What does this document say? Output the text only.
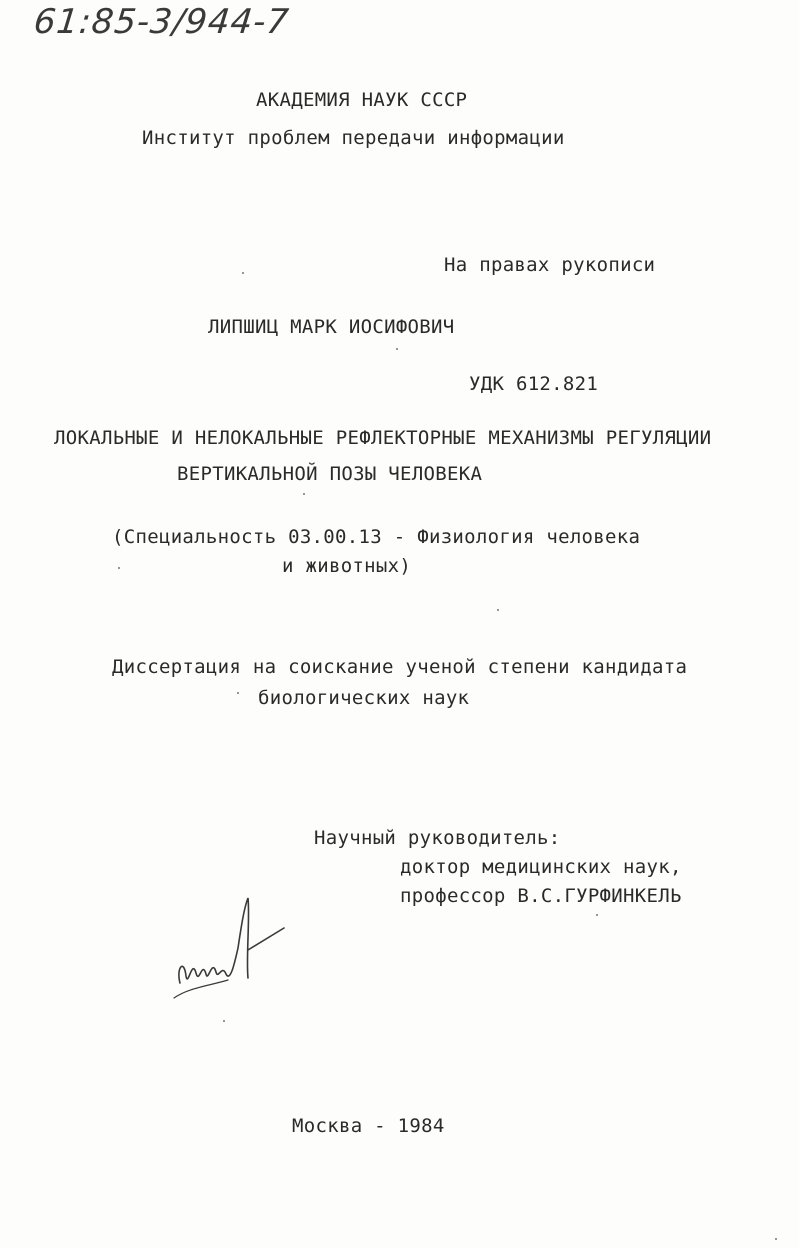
61:85-3/944-7
АКАДЕМИЯ НАУК СССР
Институт проблем передачи информации
На правах рукописи
ЛИПШИЦ МАРК ИОСИФОВИЧ
УДК 612.821
ЛОКАЛЬНЫЕ И НЕЛОКАЛЬНЫЕ РЕФЛЕКТОРНЫЕ МЕХАНИЗМЫ РЕГУЛЯЦИИ
ВЕРТИКАЛЬНОЙ ПОЗЫ ЧЕЛОВЕКА
(Специальность 03.00.13 - Физиология человека
и животных)
Диссертация на соискание ученой степени кандидата
биологических наук
Научный руководитель:
доктор медицинских наук,
профессор В.С.ГУРФИНКЕЛЬ
Москва - 1984
